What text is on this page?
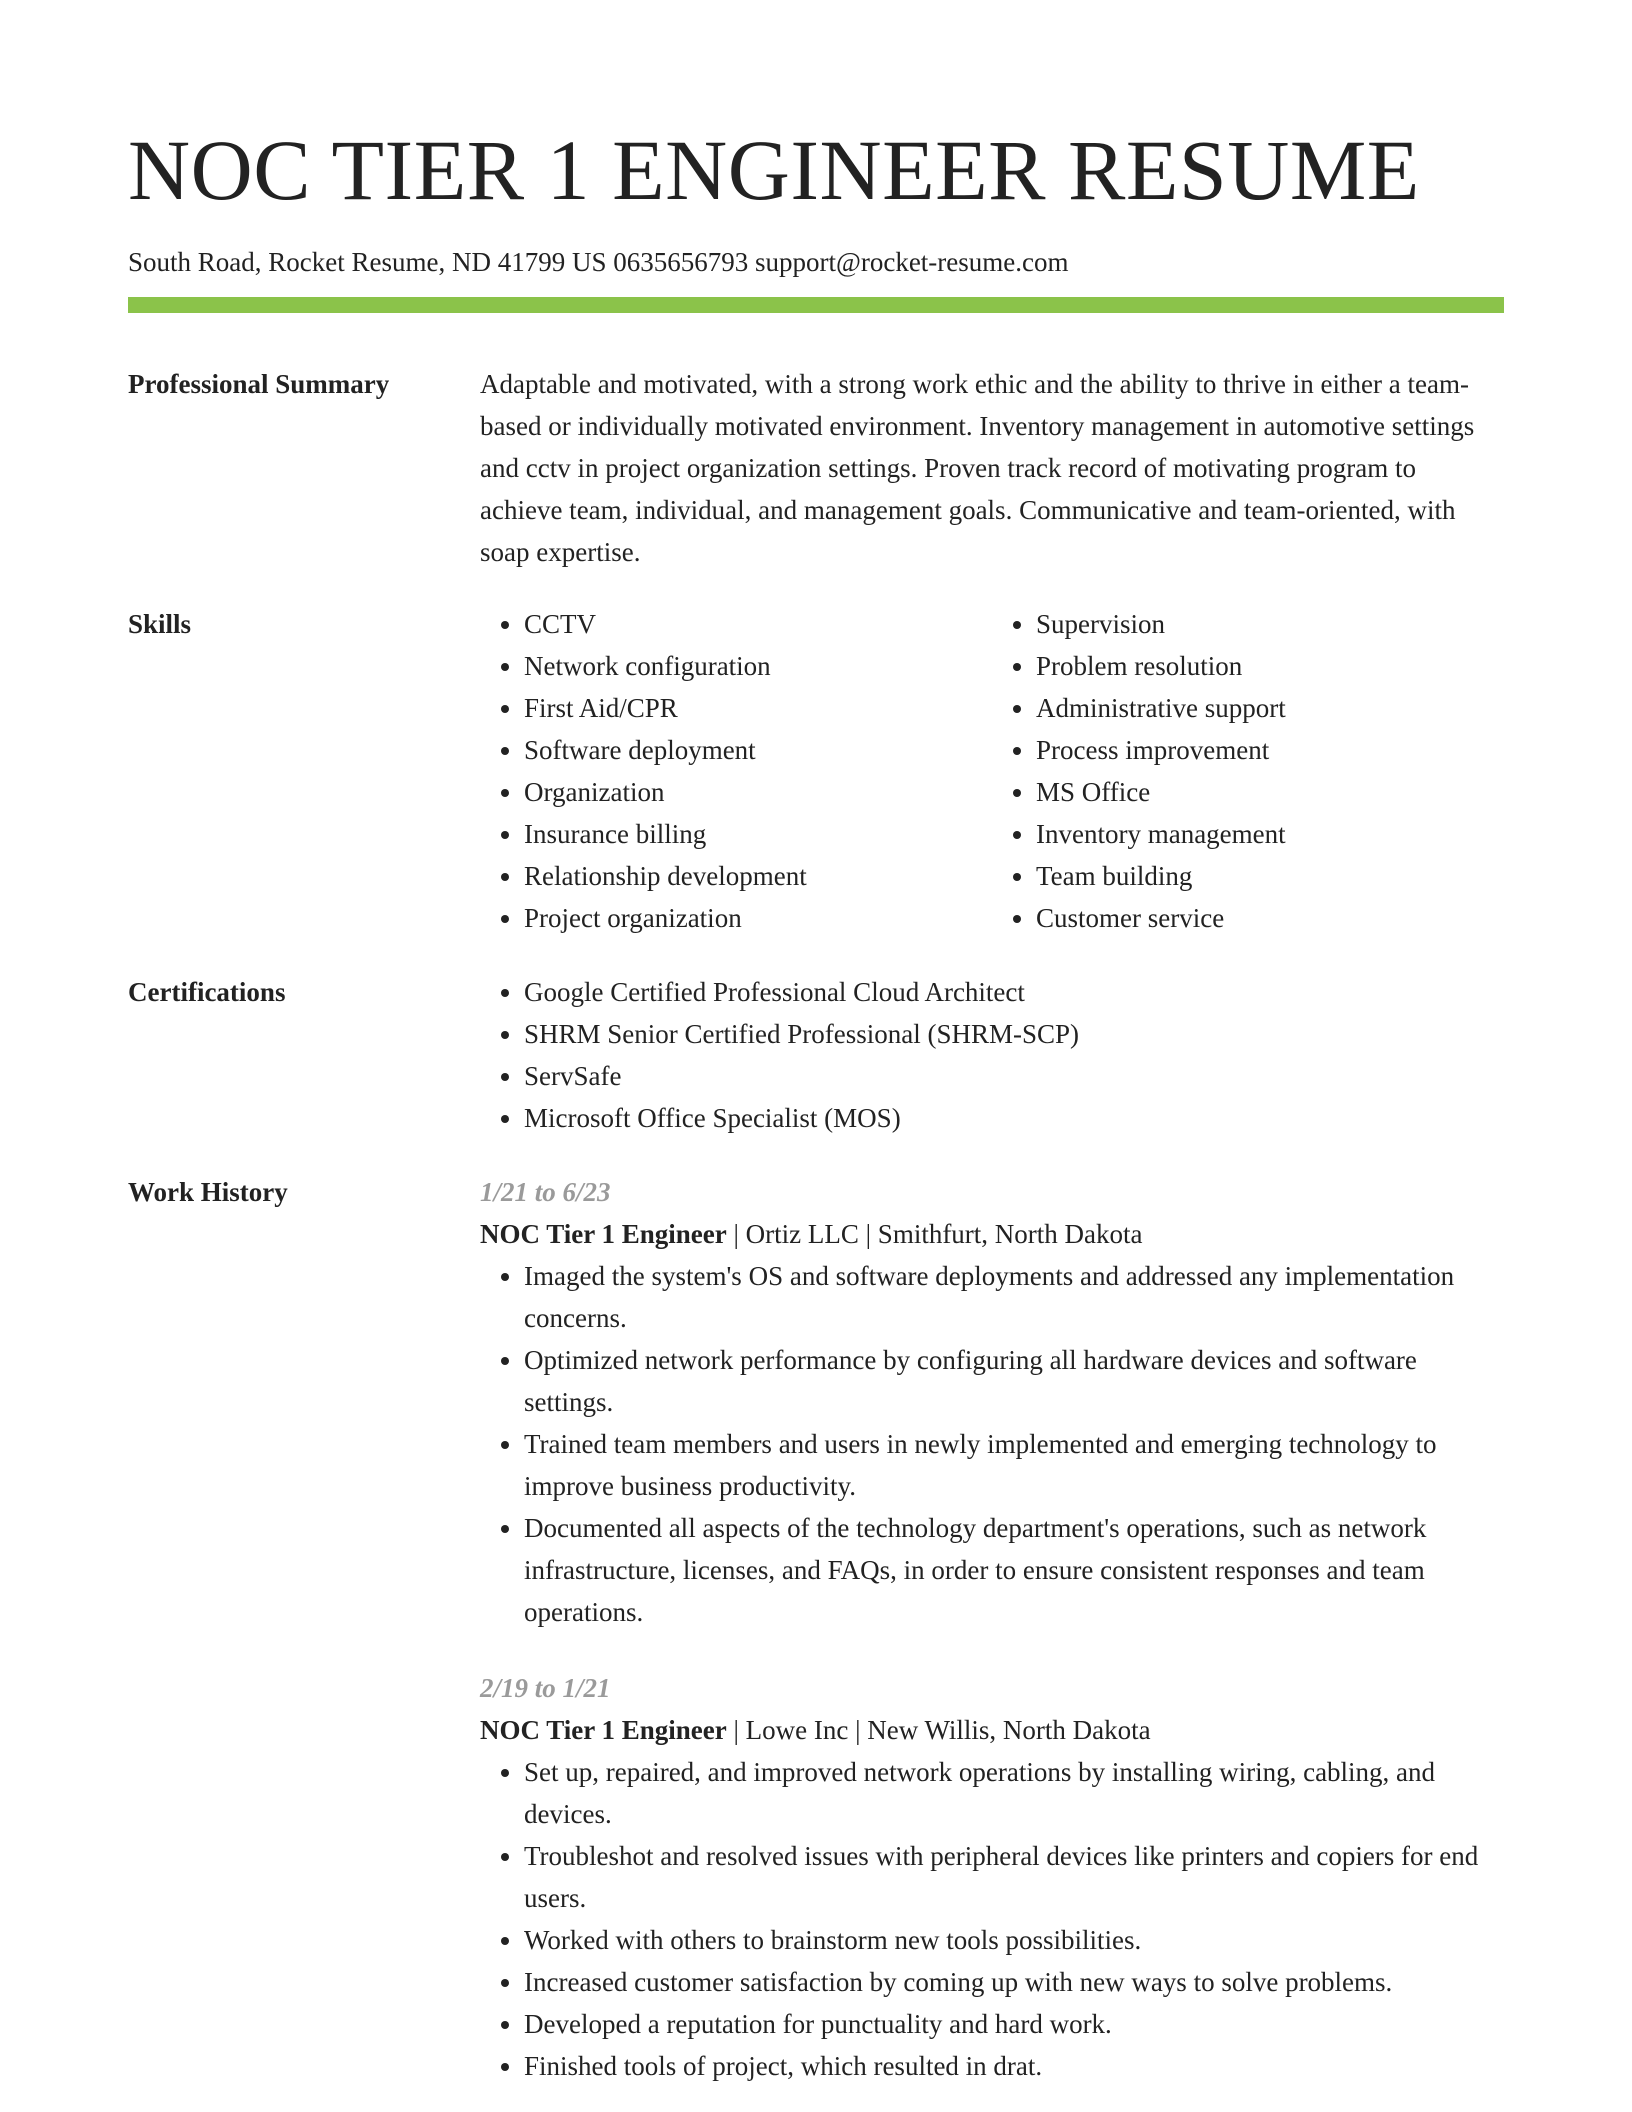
NOC TIER 1 ENGINEER RESUME
South Road, Rocket Resume, ND 41799 US 0635656793 support@rocket-resume.com
Professional Summary	Adaptable and motivated, with a strong work ethic and the ability to thrive in either a team-based or individually motivated environment. Inventory management in automotive settings and cctv in project organization settings. Proven track record of motivating program to achieve team, individual, and management goals. Communicative and team-oriented, with soap expertise.
Skills	• CCTV
• Network configuration
• First Aid/CPR
• Software deployment
• Organization
• Insurance billing
• Relationship development
• Project organization
• Supervision
• Problem resolution
• Administrative support
• Process improvement
• MS Office
• Inventory management
• Team building
• Customer service
Certifications	• Google Certified Professional Cloud Architect
• SHRM Senior Certified Professional (SHRM-SCP)
• ServSafe
• Microsoft Office Specialist (MOS)
Work History	1/21 to 6/23
NOC Tier 1 Engineer | Ortiz LLC | Smithfurt, North Dakota
• Imaged the system's OS and software deployments and addressed any implementation concerns.
• Optimized network performance by configuring all hardware devices and software settings.
• Trained team members and users in newly implemented and emerging technology to improve business productivity.
• Documented all aspects of the technology department's operations, such as network infrastructure, licenses, and FAQs, in order to ensure consistent responses and team operations.
2/19 to 1/21
NOC Tier 1 Engineer | Lowe Inc | New Willis, North Dakota
• Set up, repaired, and improved network operations by installing wiring, cabling, and devices.
• Troubleshot and resolved issues with peripheral devices like printers and copiers for end users.
• Worked with others to brainstorm new tools possibilities.
• Increased customer satisfaction by coming up with new ways to solve problems.
• Developed a reputation for punctuality and hard work.
• Finished tools of project, which resulted in drat.
